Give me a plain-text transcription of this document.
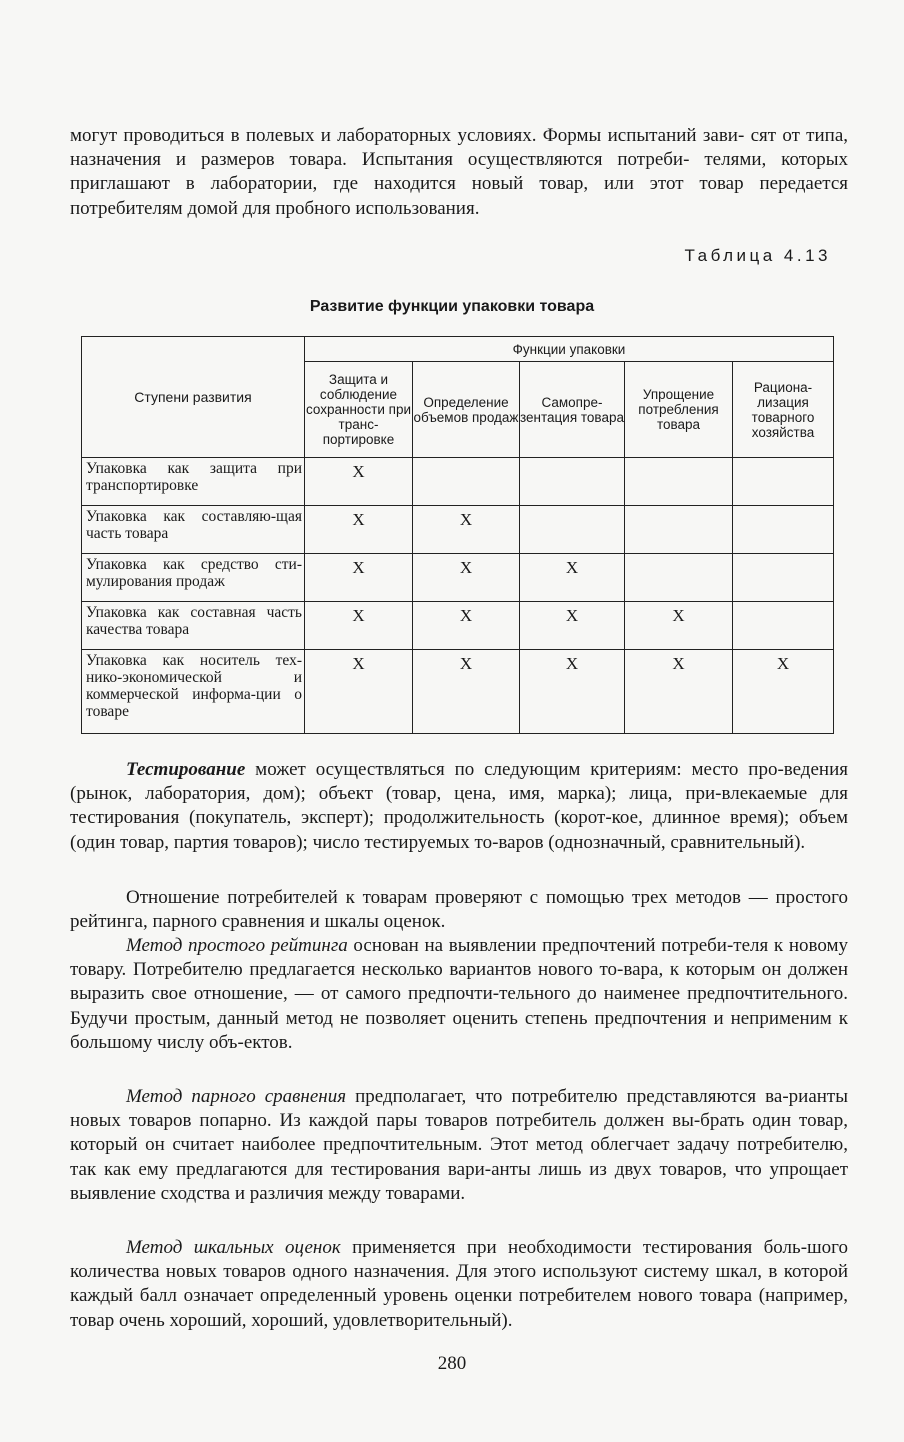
могут проводиться в полевых и лабораторных условиях. Формы испытаний зави- сят от типа, назначения и размеров товара. Испытания осуществляются потреби- телями, которых приглашают в лаборатории, где находится новый товар, или этот товар передается потребителям домой для пробного использования.

Таблица 4.13
Развитие функции упаковки товара
Ступени развития	Функции упаковки				
	Защита и соблюдение сохранности при транс-портировке	Определение объемов продаж	Самопре-зентация товара	Упрощение потребления товара	Рациона-лизация товарного хозяйства
Упаковка как защита при транспортировке	X				
Упаковка как составляю-щая часть товара	X	X			
Упаковка как средство сти-мулирования продаж	X	X	X		
Упаковка как составная часть качества товара	X	X	X	X	
Упаковка как носитель тех-нико-экономической и коммерческой информа-ции о товаре	X	X	X	X	X

Тестирование может осуществляться по следующим критериям: место про-ведения (рынок, лаборатория, дом); объект (товар, цена, имя, марка); лица, при-влекаемые для тестирования (покупатель, эксперт); продолжительность (корот-кое, длинное время); объем (один товар, партия товаров); число тестируемых то-варов (однозначный, сравнительный).

Отношение потребителей к товарам проверяют с помощью трех методов — простого рейтинга, парного сравнения и шкалы оценок.

Метод простого рейтинга основан на выявлении предпочтений потреби-теля к новому товару. Потребителю предлагается несколько вариантов нового то-вара, к которым он должен выразить свое отношение, — от самого предпочти-тельного до наименее предпочтительного. Будучи простым, данный метод не позволяет оценить степень предпочтения и неприменим к большому числу объ-ектов.

Метод парного сравнения предполагает, что потребителю представляются ва-рианты новых товаров попарно. Из каждой пары товаров потребитель должен вы-брать один товар, который он считает наиболее предпочтительным. Этот метод облегчает задачу потребителю, так как ему предлагаются для тестирования вари-анты лишь из двух товаров, что упрощает выявление сходства и различия между товарами.

Метод шкальных оценок применяется при необходимости тестирования боль-шого количества новых товаров одного назначения. Для этого используют систему шкал, в которой каждый балл означает определенный уровень оценки потребителем нового товара (например, товар очень хороший, хороший, удовлетворительный).

280
